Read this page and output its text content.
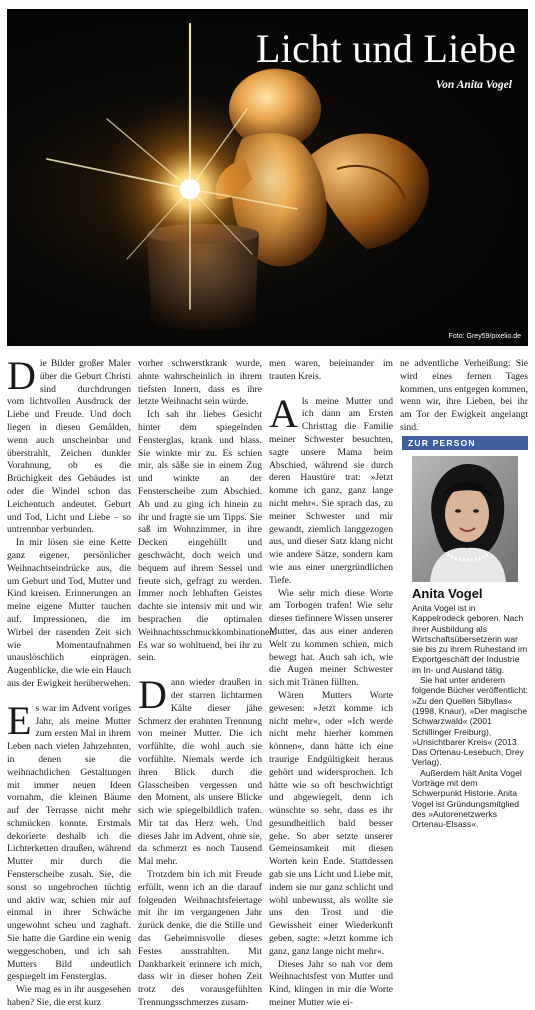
Licht und Liebe
Von Anita Vogel
Foto: Grey59/pixelio.de

Die Bilder großer Maler über die Geburt Christi sind durchdrungen vom lichtvollen Ausdruck der Liebe und Freude. Und doch liegen in diesen Gemälden, wenn auch unscheinbar und überstrahlt, Zeichen dunkler Vorahnung, ob es die Brüchigkeit des Gebäudes ist oder die Windel schon das Leichentuch andeutet. Geburt und Tod, Licht und Liebe – so untrennbar verbunden.

In mir lösen sie eine Kette ganz eigener, persönlicher Weihnachtseindrücke aus, die um Geburt und Tod, Mutter und Kind kreisen. Erinnerungen an meine eigene Mutter tauchen auf. Impressionen, die im Wirbel der rasenden Zeit sich wie Momentaufnahmen unauslöschlich einprägen. Augenblicke, die wie ein Hauch aus der Ewigkeit herüberwehen.

Es war im Advent voriges Jahr, als meine Mutter zum ersten Mal in ihrem Leben nach vielen Jahrzehnten, in denen sie die weihnachtlichen Gestaltungen mit immer neuen Ideen vornahm, die kleinen Bäume auf der Terrasse nicht mehr schmücken konnte. Erstmals dekorierte deshalb ich die Lichterketten draußen, während Mutter mir durch die Fensterscheibe zusah. Sie, die sonst so ungebrochen tüchtig und aktiv war, schien mir auf einmal in ihrer Schwäche ungewohnt scheu und zaghaft. Sie hatte die Gardine ein wenig weggeschoben, und ich sah Mutters Bild undeutlich gespiegelt im Fensterglas.

Wie mag es in ihr ausgesehen haben? Sie, die erst kurz

vorher schwerstkrank wurde, ahnte wahrscheinlich in ihrem tiefsten Innern, dass es ihre letzte Weihnacht sein würde.

Ich sah ihr liebes Gesicht hinter dem spiegelnden Fensterglas, krank und blass. Sie winkte mir zu. Es schien mir, als säße sie in einem Zug und winkte an der Fensterscheibe zum Abschied. Ab und zu ging ich hinein zu ihr und fragte sie um Tipps. Sie saß im Wohnzimmer, in ihre Decken eingehüllt und geschwächt, doch weich und bequem auf ihrem Sessel und freute sich, gefragt zu werden. Immer noch lebhaften Geistes dachte sie intensiv mit und wir besprachen die optimalen Weihnachtsschmuckkombinationen. Es war so wohltuend, bei ihr zu sein.

Dann wieder draußen in der starren lichtarmen Kälte dieser jähe Schmerz der erahnten Trennung von meiner Mutter. Die ich vorfühlte, die wohl auch sie vorfühlte. Niemals werde ich ihren Blick durch die Glasscheiben vergessen und den Moment, als unsere Blicke sich wie spiegelbildlich trafen. Mir tat das Herz weh. Und dieses Jahr im Advent, ohne sie, da schmerzt es noch Tausend Mal mehr.

Trotzdem bin ich mit Freude erfüllt, wenn ich an die darauf folgenden Weihnachtsfeiertage mit ihr im vergangenen Jahr zurück denke, die die Stille und das Geheimnisvolle dieses Festes ausstrahlten. Mit Dankbarkeit erinnere ich mich, dass wir in dieser hohen Zeit trotz des vorausgefühlten Trennungsschmerzes zusam-

men waren, beieinander im trauten Kreis.

Als meine Mutter und ich dann am Ersten Christtag die Familie meiner Schwester besuchten, sagte unsere Mama beim Abschied, während sie durch deren Haustüre trat: »Jetzt komme ich ganz, ganz lange nicht mehr«. Sie sprach das, zu meiner Schwester und mir gewandt, ziemlich langgezogen aus, und dieser Satz klang nicht wie andere Sätze, sondern kam wie aus einer unergründlichen Tiefe.

Wie sehr mich diese Worte am Torbogen trafen! Wie sehr dieses tiefinnere Wissen unserer Mutter, das aus einer anderen Welt zu kommen schien, mich bewegt hat. Auch sah ich, wie die Augen meiner Schwester sich mit Tränen füllten.

Wären Mutters Worte gewesen: »Jetzt komme ich nicht mehr«, oder »Ich werde nicht mehr hierher kommen können«, dann hätte ich eine traurige Endgültigkeit heraus gehört und widersprochen. Ich hätte wie so oft beschwichtigt und abgewiegelt, denn ich wünschte so sehr, dass es ihr gesundheitlich bald besser gehe. So aber setzte unserer Gemeinsamkeit mit diesen Worten kein Ende. Stattdessen gab sie uns Licht und Liebe mit, indem sie nur ganz schlicht und wohl unbewusst, als wollte sie uns den Trost und die Gewissheit einer Wiederkunft geben, sagte: »Jetzt komme ich ganz, ganz lange nicht mehr«.

Dieses Jahr so nah vor dem Weihnachtsfest von Mutter und Kind, klingen in mir die Worte meiner Mutter wie ei-

ne adventliche Verheißung: Sie wird eines fernen Tages kommen, uns entgegen kommen, wenn wir, ihre Lieben, bei ihr am Tor der Ewigkeit angelangt sind.

ZUR PERSON
Anita Vogel

Anita Vogel ist in Kappelrodeck geboren. Nach ihrer Ausbildung als Wirtschaftsübersetzerin war sie bis zu ihrem Ruhestand im Exportgeschäft der Industrie im In- und Ausland tätig.

Sie hat unter anderem folgende Bücher veröffentlicht: »Zu den Quellen Sibyllas« (1998, Knaur), »Der magische Schwarzwald« (2001 Schillinger Freiburg), »Unsichtbarer Kreis« (2013 Das Ortenau-Lesebuch, Drey Verlag).

Außerdem hält Anita Vogel Vorträge mit dem Schwerpunkt Historie. Anita Vogel ist Gründungsmitglied des »Autorenetzwerks Ortenau-Elsass«.
